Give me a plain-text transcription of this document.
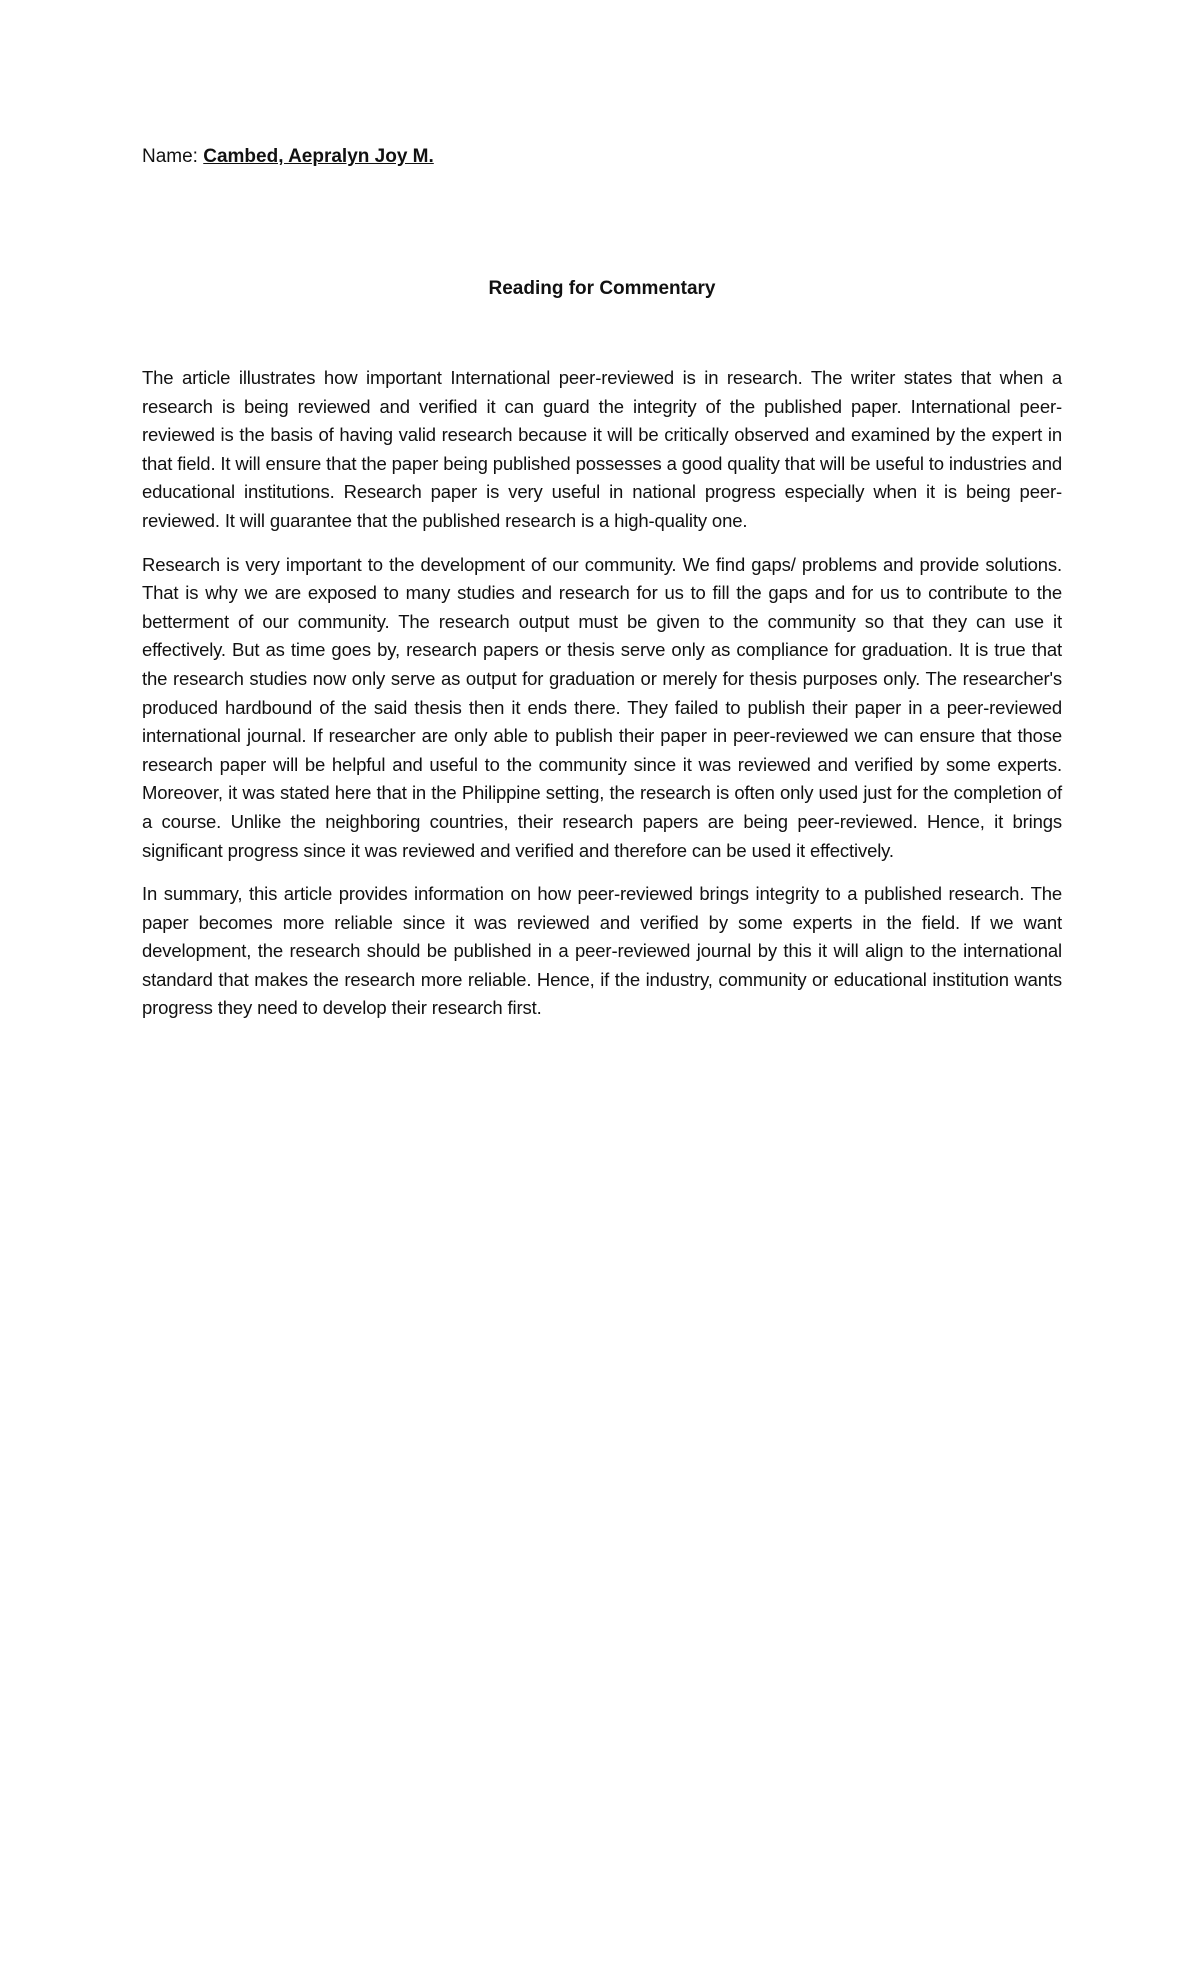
Name: Cambed, Aepralyn Joy M.
Reading for Commentary

The article illustrates how important International peer-reviewed is in research. The writer states that when a research is being reviewed and verified it can guard the integrity of the published paper. International peer-reviewed is the basis of having valid research because it will be critically observed and examined by the expert in that field. It will ensure that the paper being published possesses a good quality that will be useful to industries and educational institutions. Research paper is very useful in national progress especially when it is being peer-reviewed. It will guarantee that the published research is a high-quality one.

Research is very important to the development of our community. We find gaps/ problems and provide solutions. That is why we are exposed to many studies and research for us to fill the gaps and for us to contribute to the betterment of our community. The research output must be given to the community so that they can use it effectively. But as time goes by, research papers or thesis serve only as compliance for graduation. It is true that the research studies now only serve as output for graduation or merely for thesis purposes only. The researcher's produced hardbound of the said thesis then it ends there. They failed to publish their paper in a peer-reviewed international journal. If researcher are only able to publish their paper in peer-reviewed we can ensure that those research paper will be helpful and useful to the community since it was reviewed and verified by some experts. Moreover, it was stated here that in the Philippine setting, the research is often only used just for the completion of a course. Unlike the neighboring countries, their research papers are being peer-reviewed. Hence, it brings significant progress since it was reviewed and verified and therefore can be used it effectively.

In summary, this article provides information on how peer-reviewed brings integrity to a published research. The paper becomes more reliable since it was reviewed and verified by some experts in the field. If we want development, the research should be published in a peer-reviewed journal by this it will align to the international standard that makes the research more reliable. Hence, if the industry, community or educational institution wants progress they need to develop their research first.
